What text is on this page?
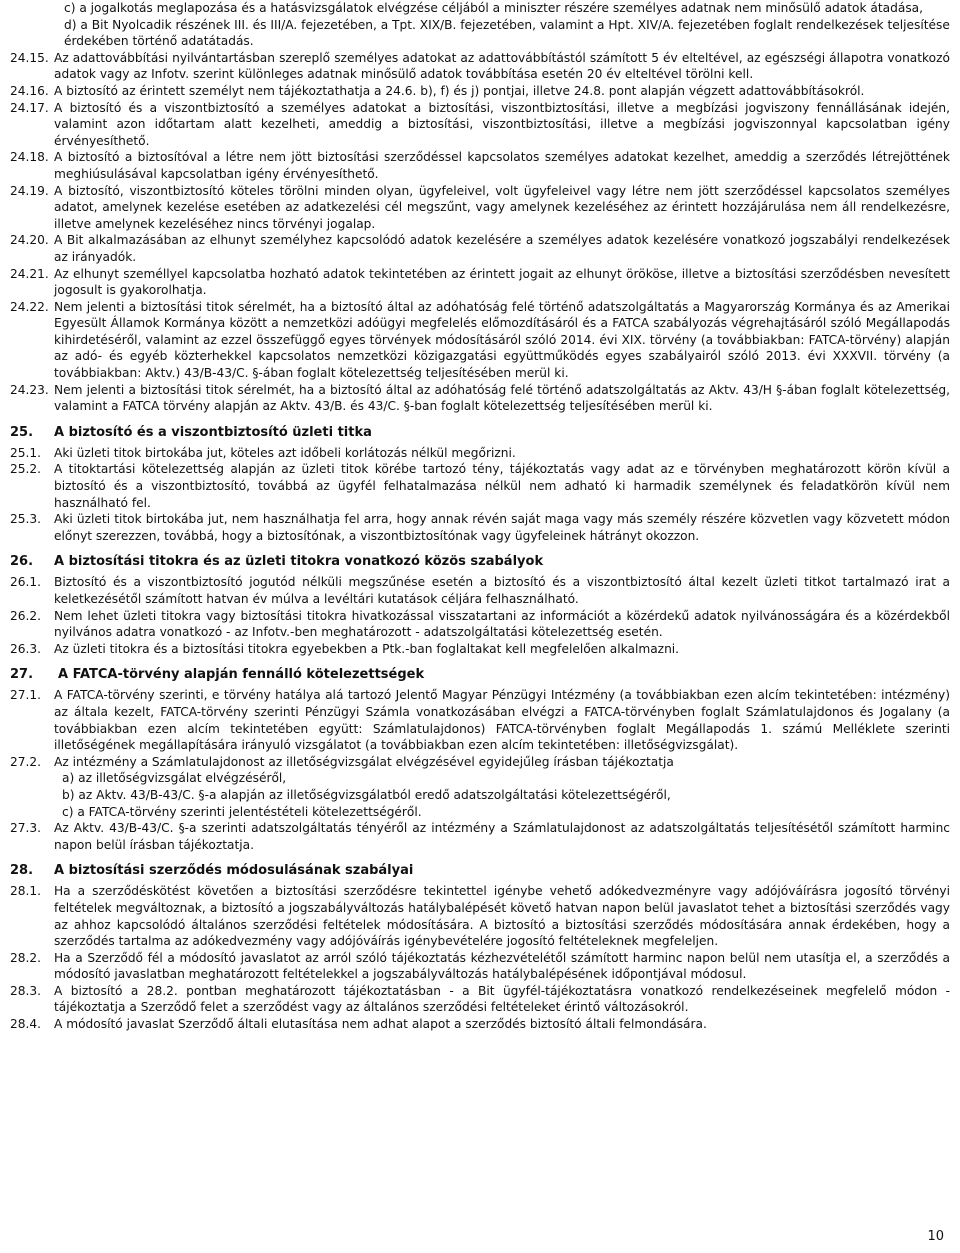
c) a jogalkotás meglapozása és a hatásvizsgálatok elvégzése céljából a miniszter részére személyes adatnak nem minősülő adatok átadása,
d) a Bit Nyolcadik részének III. és III/A. fejezetében, a Tpt. XIX/B. fejezetében, valamint a Hpt. XIV/A. fejezetében foglalt rendelkezések teljesítése érdekében történő adatátadás.
24.15. Az adattovábbítási nyilvántartásban szereplő személyes adatokat az adattovábbítástól számított 5 év elteltével, az egészségi állapotra vonatkozó adatok vagy az Infotv. szerint különleges adatnak minősülő adatok továbbítása esetén 20 év elteltével törölni kell.
24.16. A biztosító az érintett személyt nem tájékoztathatja a 24.6. b), f) és j) pontjai, illetve 24.8. pont alapján végzett adattovábbításokról.
24.17. A biztosító és a viszontbiztosító a személyes adatokat a biztosítási, viszontbiztosítási, illetve a megbízási jogviszony fennállásának idején, valamint azon időtartam alatt kezelheti, ameddig a biztosítási, viszontbiztosítási, illetve a megbízási jogviszonnyal kapcsolatban igény érvényesíthető.
24.18. A biztosító a biztosítóval a létre nem jött biztosítási szerződéssel kapcsolatos személyes adatokat kezelhet, ameddig a szerződés létrejöttének meghiúsulásával kapcsolatban igény érvényesíthető.
24.19. A biztosító, viszontbiztosító köteles törölni minden olyan, ügyfeleivel, volt ügyfeleivel vagy létre nem jött szerződéssel kapcsolatos személyes adatot, amelynek kezelése esetében az adatkezelési cél megszűnt, vagy amelynek kezeléséhez az érintett hozzájárulása nem áll rendelkezésre, illetve amelynek kezeléséhez nincs törvényi jogalap.
24.20. A Bit alkalmazásában az elhunyt személyhez kapcsolódó adatok kezelésére a személyes adatok kezelésére vonatkozó jogszabályi rendelkezések az irányadók.
24.21. Az elhunyt személlyel kapcsolatba hozható adatok tekintetében az érintett jogait az elhunyt örököse, illetve a biztosítási szerződésben nevesített jogosult is gyakorolhatja.
24.22. Nem jelenti a biztosítási titok sérelmét, ha a biztosító által az adóhatóság felé történő adatszolgáltatás a Magyarország Kormánya és az Amerikai Egyesült Államok Kormánya között a nemzetközi adóügyi megfelelés előmozdításáról és a FATCA szabályozás végrehajtásáról szóló Megállapodás kihirdetéséről, valamint az ezzel összefüggő egyes törvények módosításáról szóló 2014. évi XIX. törvény (a továbbiakban: FATCA-törvény) alapján az adó- és egyéb közterhekkel kapcsolatos nemzetközi közigazgatási együttműködés egyes szabályairól szóló 2013. évi XXXVII. törvény (a továbbiakban: Aktv.) 43/B-43/C. §-ában foglalt kötelezettség teljesítésében merül ki.
24.23. Nem jelenti a biztosítási titok sérelmét, ha a biztosító által az adóhatóság felé történő adatszolgáltatás az Aktv. 43/H §-ában foglalt kötelezettség, valamint a FATCA törvény alapján az Aktv. 43/B. és 43/C. §-ban foglalt kötelezettség teljesítésében merül ki.
25.	A biztosító és a viszontbiztosító üzleti titka
25.1.	Aki üzleti titok birtokába jut, köteles azt időbeli korlátozás nélkül megőrizni.
25.2.	A titoktartási kötelezettség alapján az üzleti titok körébe tartozó tény, tájékoztatás vagy adat az e törvényben meghatározott körön kívül a biztosító és a viszontbiztosító, továbbá az ügyfél felhatalmazása nélkül nem adható ki harmadik személynek és feladatkörön kívül nem használható fel.
25.3.	Aki üzleti titok birtokába jut, nem használhatja fel arra, hogy annak révén saját maga vagy más személy részére közvetlen vagy közvetett módon előnyt szerezzen, továbbá, hogy a biztosítónak, a viszontbiztosítónak vagy ügyfeleinek hátrányt okozzon.
26.	A biztosítási titokra és az üzleti titokra vonatkozó közös szabályok
26.1.	Biztosító és a viszontbiztosító jogutód nélküli megszűnése esetén a biztosító és a viszontbiztosító által kezelt üzleti titkot tartalmazó irat a keletkezésétől számított hatvan év múlva a levéltári kutatások céljára felhasználható.
26.2.	Nem lehet üzleti titokra vagy biztosítási titokra hivatkozással visszatartani az információt a közérdekű adatok nyilvánosságára és a közérdekből nyilvános adatra vonatkozó - az Infotv.-ben meghatározott - adatszolgáltatási kötelezettség esetén.
26.3.	Az üzleti titokra és a biztosítási titokra egyebekben a Ptk.-ban foglaltakat kell megfelelően alkalmazni.
27.	A FATCA-törvény alapján fennálló kötelezettségek
27.1.	A FATCA-törvény szerinti, e törvény hatálya alá tartozó Jelentő Magyar Pénzügyi Intézmény (a továbbiakban ezen alcím tekintetében: intézmény) az általa kezelt, FATCA-törvény szerinti Pénzügyi Számla vonatkozásában elvégzi a FATCA-törvényben foglalt Számlatulajdonos és Jogalany (a továbbiakban ezen alcím tekintetében együtt: Számlatulajdonos) FATCA-törvényben foglalt Megállapodás 1. számú Melléklete szerinti illetőségének megállapítására irányuló vizsgálatot (a továbbiakban ezen alcím tekintetében: illetőségvizsgálat).
27.2.	Az intézmény a Számlatulajdonost az illetőségvizsgálat elvégzésével egyidejűleg írásban tájékoztatja
a) az illetőségvizsgálat elvégzéséről,
b) az Aktv. 43/B-43/C. §-a alapján az illetőségvizsgálatból eredő adatszolgáltatási kötelezettségéről,
c) a FATCA-törvény szerinti jelentéstételi kötelezettségéről.
27.3.	Az Aktv. 43/B-43/C. §-a szerinti adatszolgáltatás tényéről az intézmény a Számlatulajdonost az adatszolgáltatás teljesítésétől számított harminc napon belül írásban tájékoztatja.
28.	A biztosítási szerződés módosulásának szabályai
28.1.	Ha a szerződéskötést követően a biztosítási szerződésre tekintettel igénybe vehető adókedvezményre vagy adójóváírásra jogosító törvényi feltételek megváltoznak, a biztosító a jogszabályváltozás hatálybalépését követő hatvan napon belül javaslatot tehet a biztosítási szerződés vagy az ahhoz kapcsolódó általános szerződési feltételek módosítására. A biztosító a biztosítási szerződés módosítására annak érdekében, hogy a szerződés tartalma az adókedvezmény vagy adójóváírás igénybevételére jogosító feltételeknek megfeleljen.
28.2.	Ha a Szerződő fél a módosító javaslatot az arról szóló tájékoztatás kézhezvételétől számított harminc napon belül nem utasítja el, a szerződés a módosító javaslatban meghatározott feltételekkel a jogszabályváltozás hatálybalépésének időpontjával módosul.
28.3.	A biztosító a 28.2. pontban meghatározott tájékoztatásban - a Bit ügyfél-tájékoztatásra vonatkozó rendelkezéseinek megfelelő módon - tájékoztatja a Szerződő felet a szerződést vagy az általános szerződési feltételeket érintő változásokról.
28.4.	A módosító javaslat Szerződő általi elutasítása nem adhat alapot a szerződés biztosító általi felmondására.
10
